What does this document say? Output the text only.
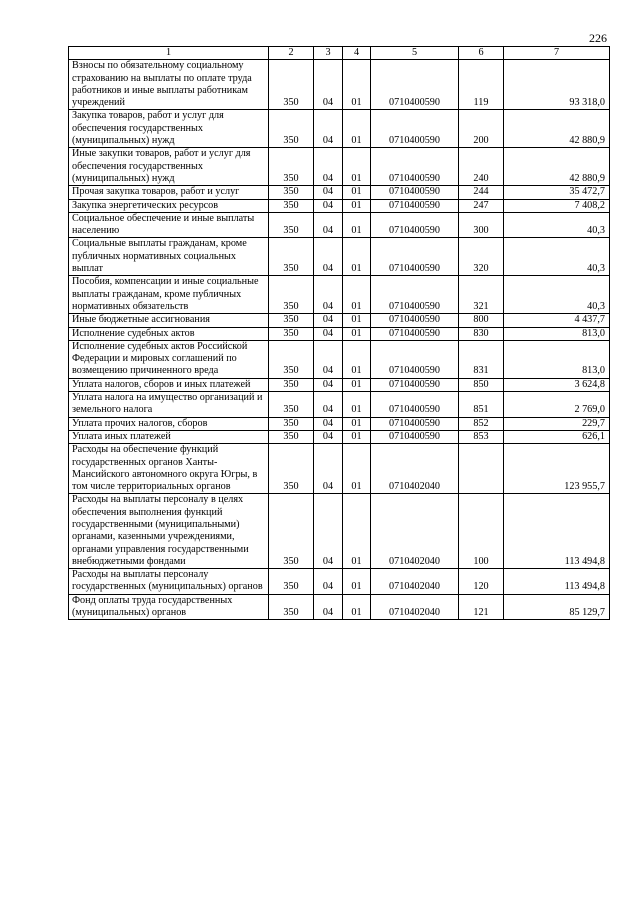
226
1	2	3	4	5	6	7
Взносы по обязательному социальному страхованию на выплаты по оплате труда работников и иные выплаты работникам учреждений	350	04	01	0710400590	119	93 318,0
Закупка товаров, работ и услуг для обеспечения государственных (муниципальных) нужд	350	04	01	0710400590	200	42 880,9
Иные закупки товаров, работ и услуг для обеспечения государственных (муниципальных) нужд	350	04	01	0710400590	240	42 880,9
Прочая закупка товаров, работ и услуг	350	04	01	0710400590	244	35 472,7
Закупка энергетических ресурсов	350	04	01	0710400590	247	7 408,2
Социальное обеспечение и иные выплаты населению	350	04	01	0710400590	300	40,3
Социальные выплаты гражданам, кроме публичных нормативных социальных выплат	350	04	01	0710400590	320	40,3
Пособия, компенсации и иные социальные выплаты гражданам, кроме публичных нормативных обязательств	350	04	01	0710400590	321	40,3
Иные бюджетные ассигнования	350	04	01	0710400590	800	4 437,7
Исполнение судебных актов	350	04	01	0710400590	830	813,0
Исполнение судебных актов Российской Федерации и мировых соглашений по возмещению причиненного вреда	350	04	01	0710400590	831	813,0
Уплата налогов, сборов и иных платежей	350	04	01	0710400590	850	3 624,8
Уплата налога на имущество организаций и земельного налога	350	04	01	0710400590	851	2 769,0
Уплата прочих налогов, сборов	350	04	01	0710400590	852	229,7
Уплата иных платежей	350	04	01	0710400590	853	626,1
Расходы на обеспечение функций государственных органов Ханты-Мансийского автономного округа Югры, в том числе территориальных органов	350	04	01	0710402040		123 955,7
Расходы на выплаты персоналу в целях обеспечения выполнения функций государственными (муниципальными) органами, казенными учреждениями, органами управления государственными внебюджетными фондами	350	04	01	0710402040	100	113 494,8
Расходы на выплаты персоналу государственных (муниципальных) органов	350	04	01	0710402040	120	113 494,8
Фонд оплаты труда государственных (муниципальных) органов	350	04	01	0710402040	121	85 129,7
